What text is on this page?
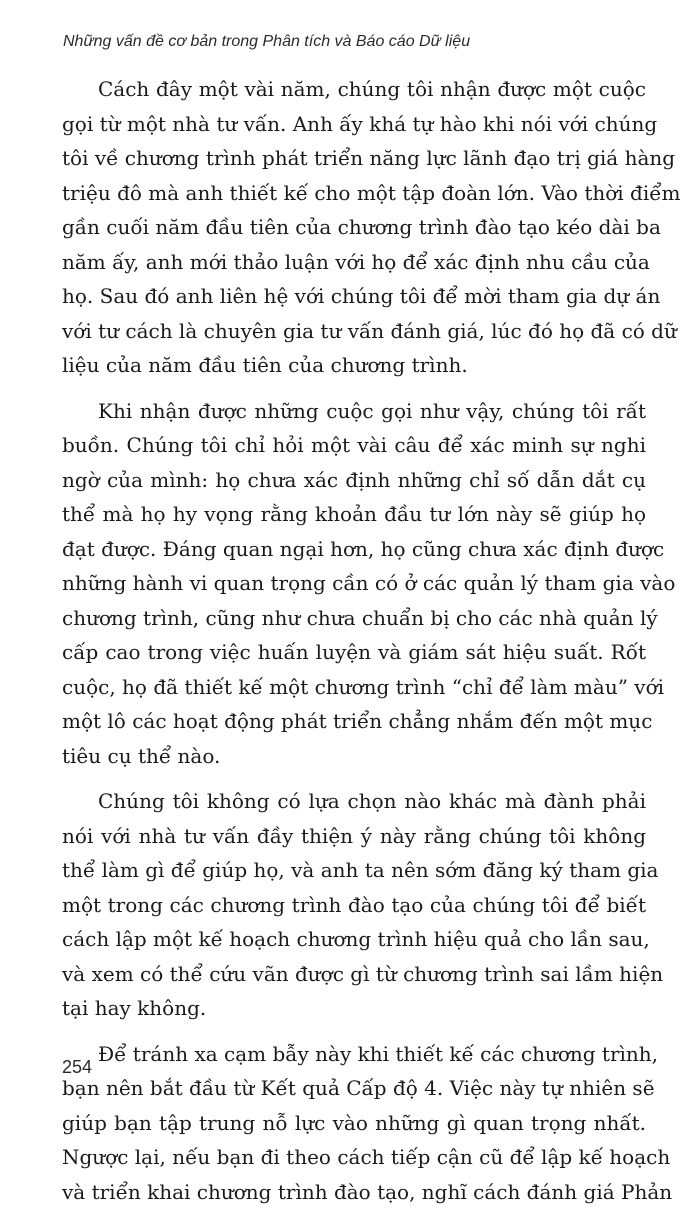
Những vấn đề cơ bản trong Phân tích và Báo cáo Dữ liệu

Cách đây một vài năm, chúng tôi nhận được một cuộc
gọi từ một nhà tư vấn. Anh ấy khá tự hào khi nói với chúng
tôi về chương trình phát triển năng lực lãnh đạo trị giá hàng
triệu đô mà anh thiết kế cho một tập đoàn lớn. Vào thời điểm
gần cuối năm đầu tiên của chương trình đào tạo kéo dài ba
năm ấy, anh mới thảo luận với họ để xác định nhu cầu của
họ. Sau đó anh liên hệ với chúng tôi để mời tham gia dự án
với tư cách là chuyên gia tư vấn đánh giá, lúc đó họ đã có dữ
liệu của năm đầu tiên của chương trình.

Khi nhận được những cuộc gọi như vậy, chúng tôi rất
buồn. Chúng tôi chỉ hỏi một vài câu để xác minh sự nghi
ngờ của mình: họ chưa xác định những chỉ số dẫn dắt cụ
thể mà họ hy vọng rằng khoản đầu tư lớn này sẽ giúp họ
đạt được. Đáng quan ngại hơn, họ cũng chưa xác định được
những hành vi quan trọng cần có ở các quản lý tham gia vào
chương trình, cũng như chưa chuẩn bị cho các nhà quản lý
cấp cao trong việc huấn luyện và giám sát hiệu suất. Rốt
cuộc, họ đã thiết kế một chương trình “chỉ để làm màu” với
một lô các hoạt động phát triển chẳng nhắm đến một mục
tiêu cụ thể nào.

Chúng tôi không có lựa chọn nào khác mà đành phải
nói với nhà tư vấn đầy thiện ý này rằng chúng tôi không
thể làm gì để giúp họ, và anh ta nên sớm đăng ký tham gia
một trong các chương trình đào tạo của chúng tôi để biết
cách lập một kế hoạch chương trình hiệu quả cho lần sau,
và xem có thể cứu vãn được gì từ chương trình sai lầm hiện
tại hay không.

Để tránh xa cạm bẫy này khi thiết kế các chương trình,
bạn nên bắt đầu từ Kết quả Cấp độ 4. Việc này tự nhiên sẽ
giúp bạn tập trung nỗ lực vào những gì quan trọng nhất.
Ngược lại, nếu bạn đi theo cách tiếp cận cũ để lập kế hoạch
và triển khai chương trình đào tạo, nghĩ cách đánh giá Phản

254
